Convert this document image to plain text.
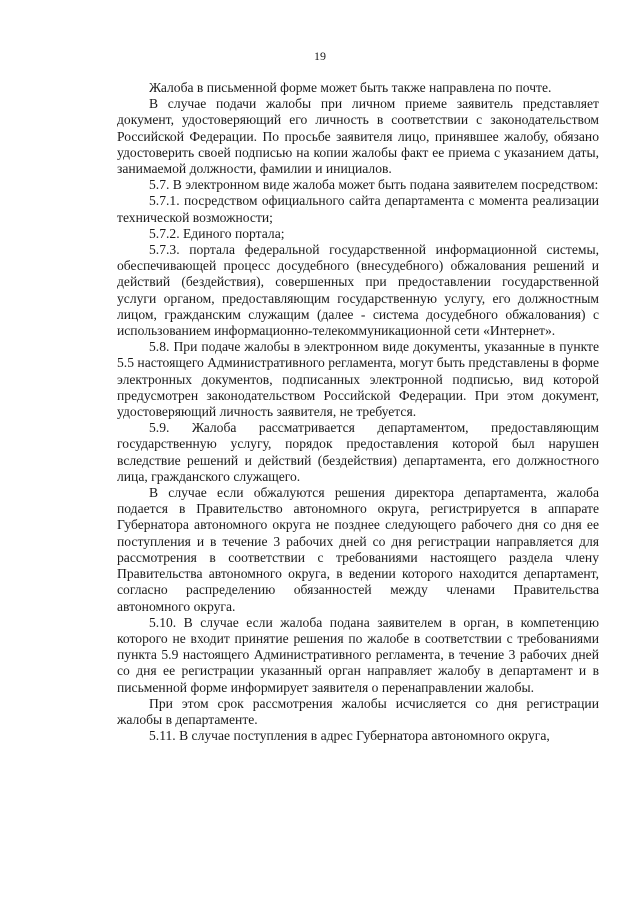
19

Жалоба в письменной форме может быть также направлена по почте.

В случае подачи жалобы при личном приеме заявитель представляет документ, удостоверяющий его личность в соответствии с законодательством Российской Федерации. По просьбе заявителя лицо, принявшее жалобу, обязано удостоверить своей подписью на копии жалобы факт ее приема с указанием даты, занимаемой должности, фамилии и инициалов.

5.7. В электронном виде жалоба может быть подана заявителем посредством:

5.7.1. посредством официального сайта департамента с момента реализации технической возможности;

5.7.2. Единого портала;

5.7.3. портала федеральной государственной информационной системы, обеспечивающей процесс досудебного (внесудебного) обжалования решений и действий (бездействия), совершенных при предоставлении государственной услуги органом, предоставляющим государственную услугу, его должностным лицом, гражданским служащим (далее - система досудебного обжалования) с использованием информационно-телекоммуникационной сети «Интернет».

5.8. При подаче жалобы в электронном виде документы, указанные в пункте 5.5 настоящего Административного регламента, могут быть представлены в форме электронных документов, подписанных электронной подписью, вид которой предусмотрен законодательством Российской Федерации. При этом документ, удостоверяющий личность заявителя, не требуется.

5.9. Жалоба рассматривается департаментом, предоставляющим государственную услугу, порядок предоставления которой был нарушен вследствие решений и действий (бездействия) департамента, его должностного лица, гражданского служащего.

В случае если обжалуются решения директора департамента, жалоба подается в Правительство автономного округа, регистрируется в аппарате Губернатора автономного округа не позднее следующего рабочего дня со дня ее поступления и в течение 3 рабочих дней со дня регистрации направляется для рассмотрения в соответствии с требованиями настоящего раздела члену Правительства автономного округа, в ведении которого находится департамент, согласно распределению обязанностей между членами Правительства автономного округа.

5.10. В случае если жалоба подана заявителем в орган, в компетенцию которого не входит принятие решения по жалобе в соответствии с требованиями пункта 5.9 настоящего Административного регламента, в течение 3 рабочих дней со дня ее регистрации указанный орган направляет жалобу в департамент и в письменной форме информирует заявителя о перенаправлении жалобы.

При этом срок рассмотрения жалобы исчисляется со дня регистрации жалобы в департаменте.

5.11. В случае поступления в адрес Губернатора автономного округа,
